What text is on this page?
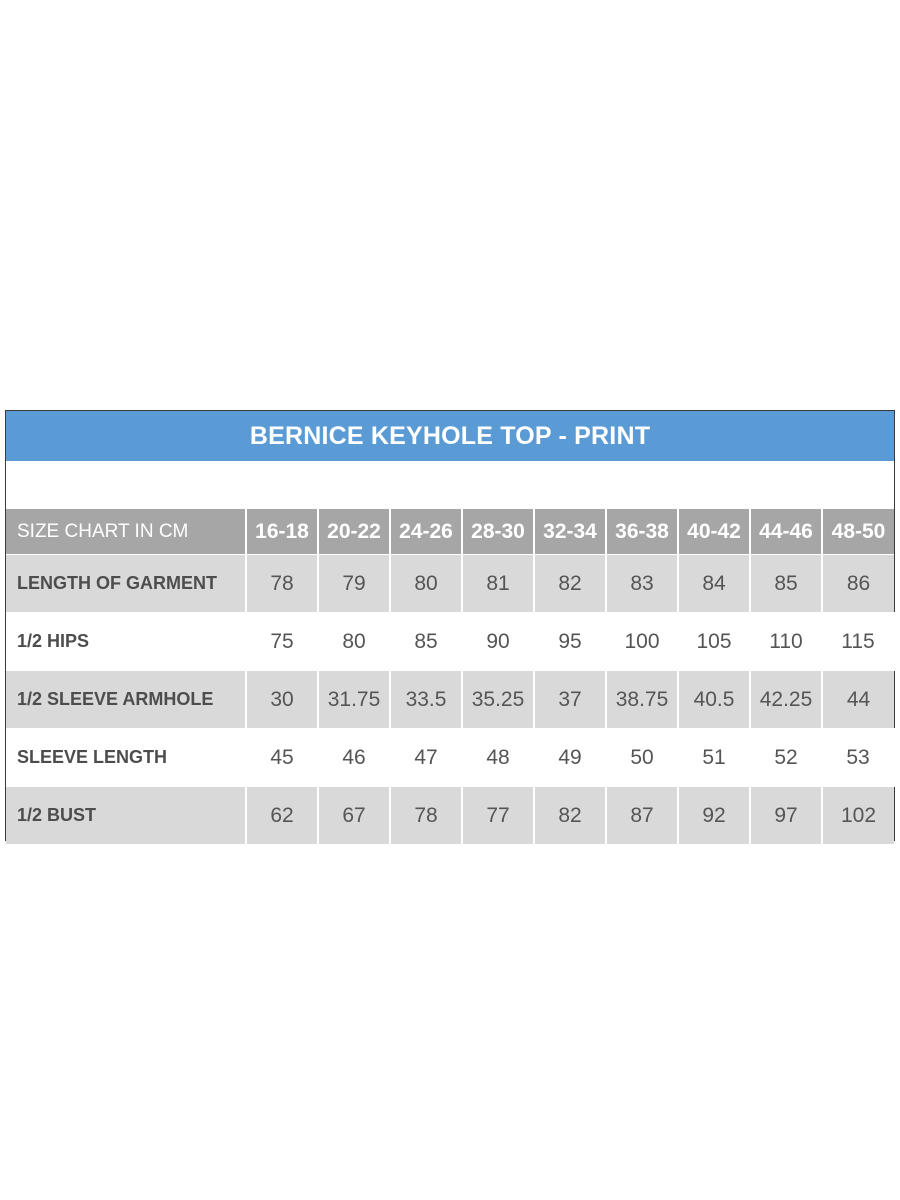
BERNICE KEYHOLE TOP - PRINT
SIZE CHART IN CM	16-18	20-22	24-26	28-30	32-34	36-38	40-42	44-46	48-50
LENGTH OF GARMENT	78	79	80	81	82	83	84	85	86
1/2 HIPS	75	80	85	90	95	100	105	110	115
1/2 SLEEVE ARMHOLE	30	31.75	33.5	35.25	37	38.75	40.5	42.25	44
SLEEVE LENGTH	45	46	47	48	49	50	51	52	53
1/2 BUST	62	67	78	77	82	87	92	97	102
